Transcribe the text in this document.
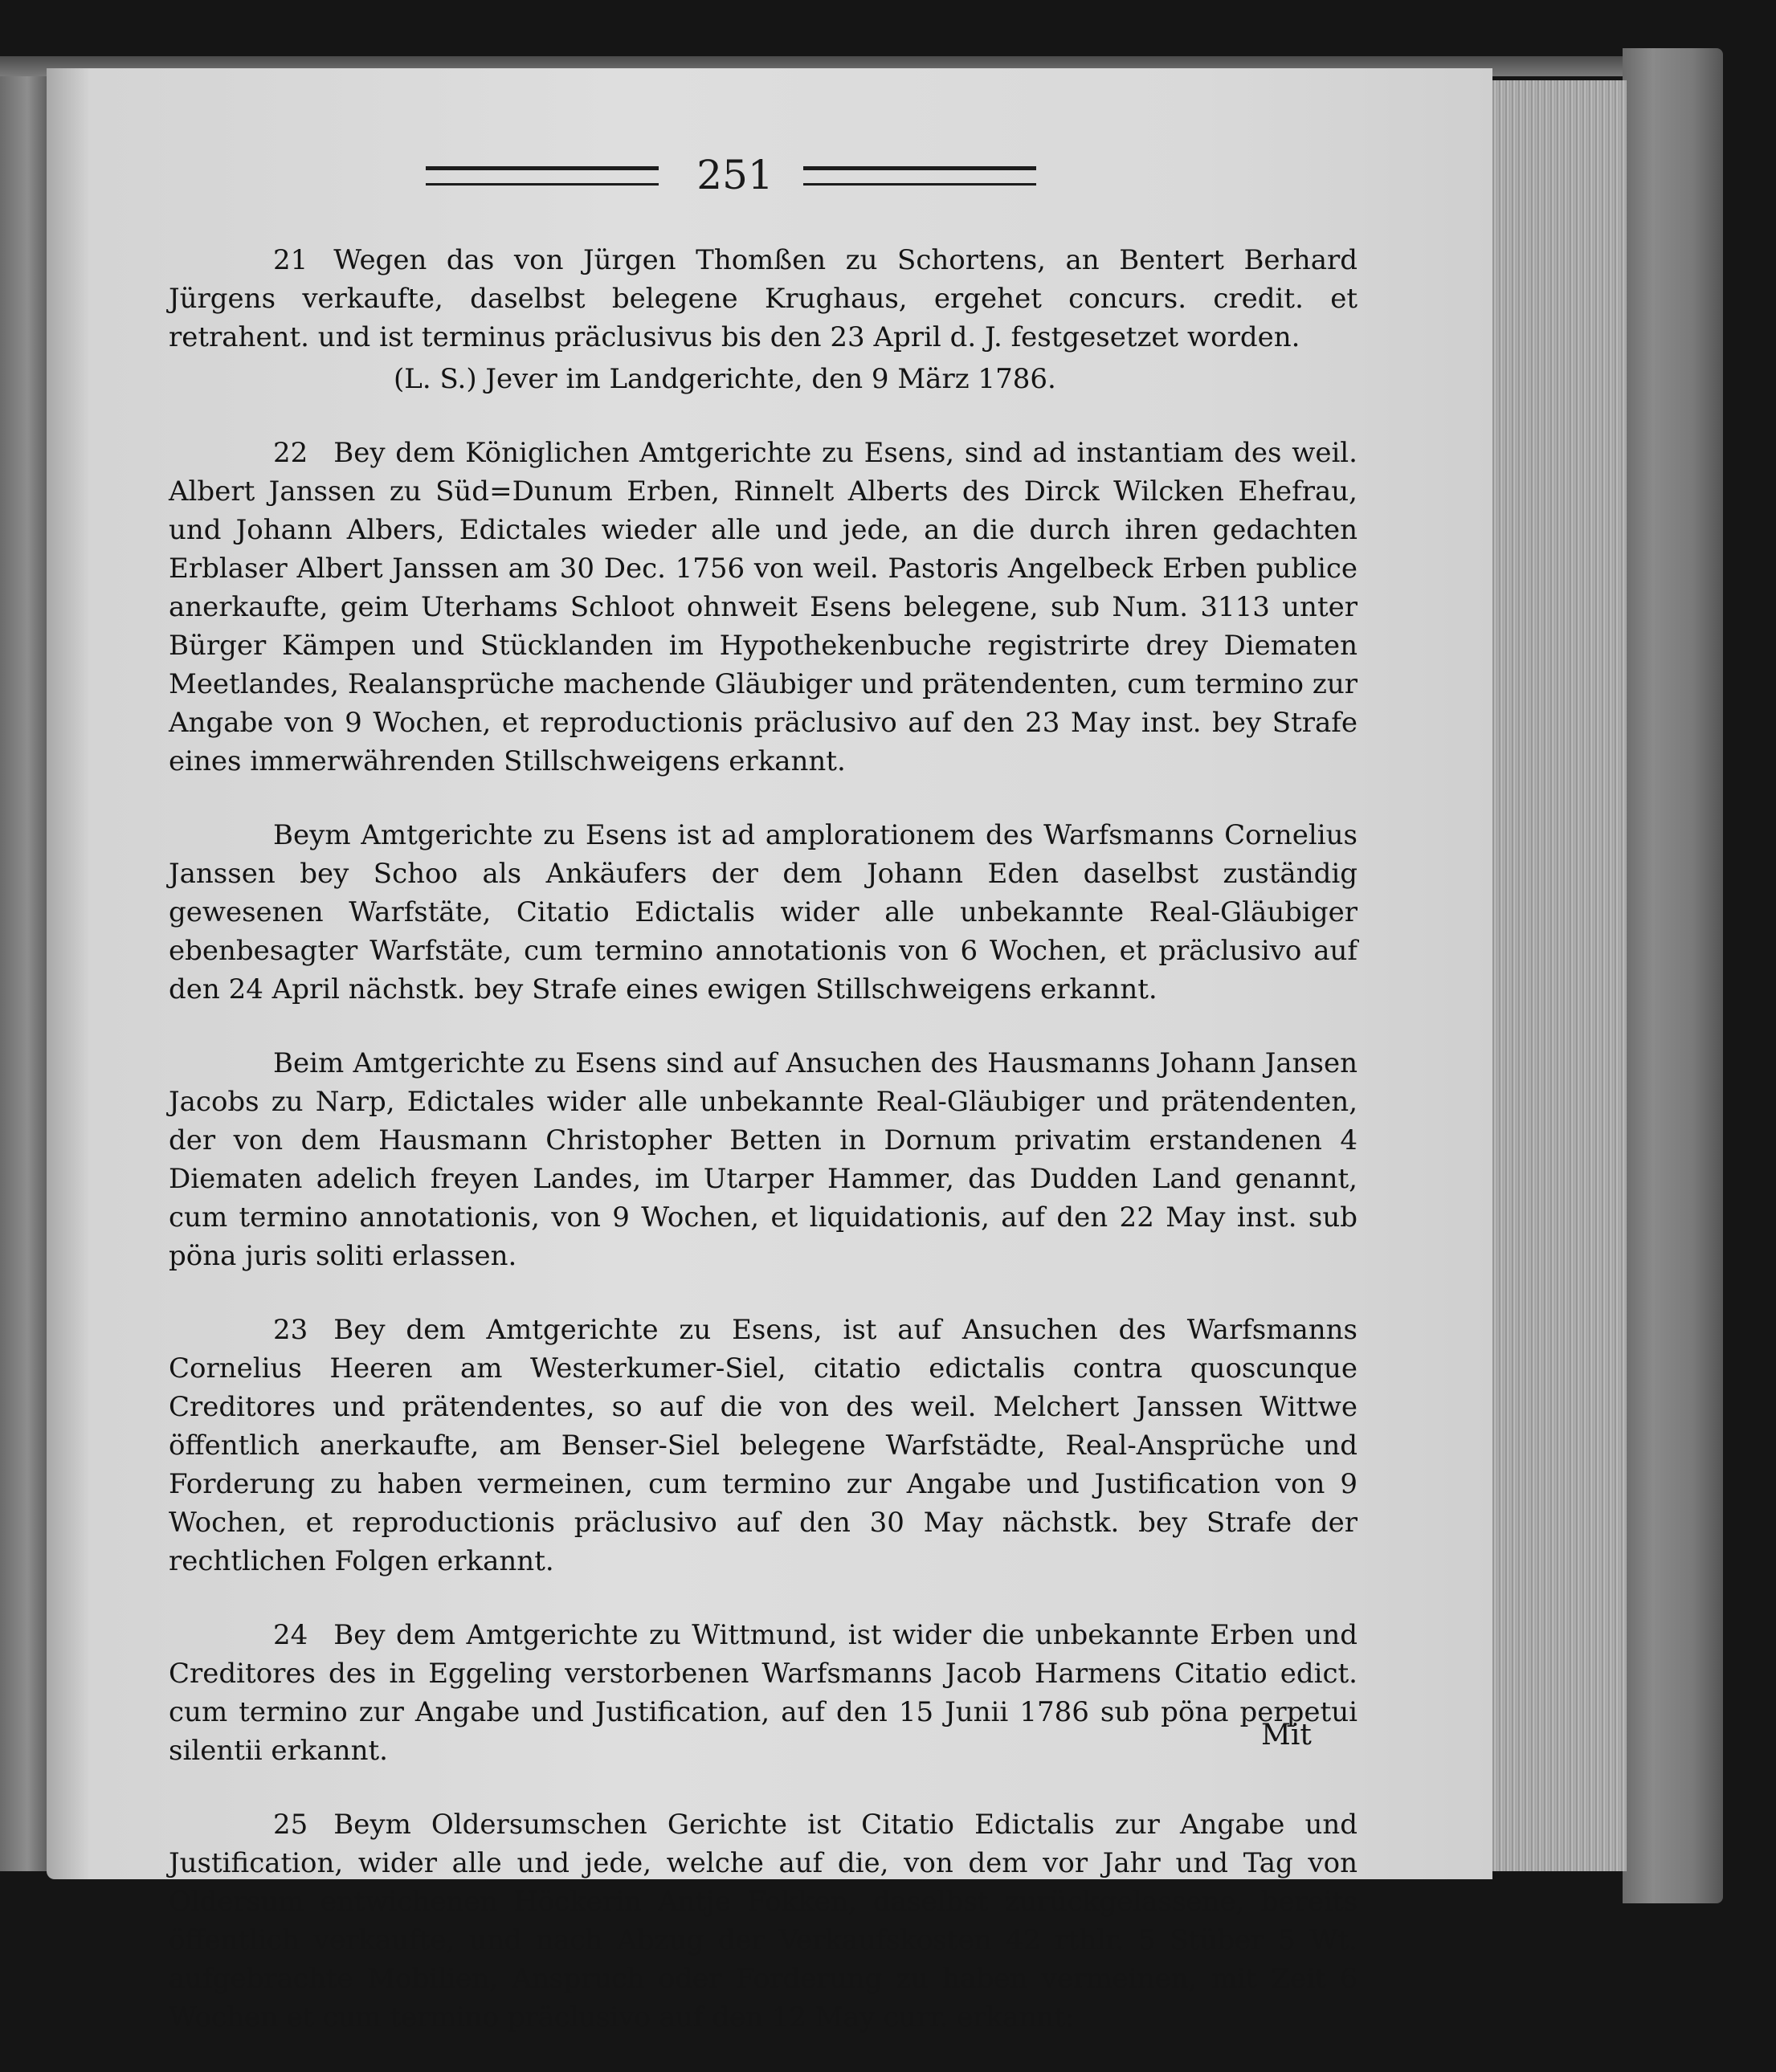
251

21 Wegen das von Jürgen Thomßen zu Schortens, an Bentert Berhard Jürgens verkaufte, daselbst belegene Krughaus, ergehet concurs. credit. et retrahent. und ist terminus präclusivus bis den 23 April d. J. festgesetzet worden.

(L. S.) Jever im Landgerichte, den 9 März 1786.

22 Bey dem Königlichen Amtgerichte zu Esens, sind ad instantiam des weil. Albert Janssen zu Süd=Dunum Erben, Rinnelt Alberts des Dirck Wilcken Ehefrau, und Johann Albers, Edictales wieder alle und jede, an die durch ihren gedachten Erblaser Albert Janssen am 30 Dec. 1756 von weil. Pastoris Angelbeck Erben publice anerkaufte, geim Uterhams Schloot ohnweit Esens belegene, sub Num. 3113 unter Bürger Kämpen und Stücklanden im Hypothekenbuche registrirte drey Diematen Meetlandes, Realansprüche machende Gläubiger und prätendenten, cum termino zur Angabe von 9 Wochen, et reproductionis präclusivo auf den 23 May inst. bey Strafe eines immerwährenden Stillschweigens erkannt.

Beym Amtgerichte zu Esens ist ad amplorationem des Warfsmanns Cornelius Janssen bey Schoo als Ankäufers der dem Johann Eden daselbst zuständig gewesenen Warfstäte, Citatio Edictalis wider alle unbekannte Real-Gläubiger ebenbesagter Warfstäte, cum termino annotationis von 6 Wochen, et präclusivo auf den 24 April nächstk. bey Strafe eines ewigen Stillschweigens erkannt.

Beim Amtgerichte zu Esens sind auf Ansuchen des Hausmanns Johann Jansen Jacobs zu Narp, Edictales wider alle unbekannte Real-Gläubiger und prätendenten, der von dem Hausmann Christopher Betten in Dornum privatim erstandenen 4 Diematen adelich freyen Landes, im Utarper Hammer, das Dudden Land genannt, cum termino annotationis, von 9 Wochen, et liquidationis, auf den 22 May inst. sub pöna juris soliti erlassen.

23 Bey dem Amtgerichte zu Esens, ist auf Ansuchen des Warfsmanns Cornelius Heeren am Westerkumer-Siel, citatio edictalis contra quoscunque Creditores und prätendentes, so auf die von des weil. Melchert Janssen Wittwe öffentlich anerkaufte, am Benser-Siel belegene Warfstädte, Real-Ansprüche und Forderung zu haben vermeinen, cum termino zur Angabe und Justification von 9 Wochen, et reproductionis präclusivo auf den 30 May nächstk. bey Strafe der rechtlichen Folgen erkannt.

24 Bey dem Amtgerichte zu Wittmund, ist wider die unbekannte Erben und Creditores des in Eggeling verstorbenen Warfsmanns Jacob Harmens Citatio edict. cum termino zur Angabe und Justification, auf den 15 Junii 1786 sub pöna perpetui silentii erkannt.

25 Beym Oldersumschen Gerichte ist Citatio Edictalis zur Angabe und Justification, wider alle und jede, welche auf die, von dem vor Jahr und Tag von Oldersum entwichenen Höckerin Antje Fokken, daselbst zurückgelassene, bereits öffentlich verkaufte, und nach Abzug der Verkaufskosten 42 rthlr. 5 Stüber 5 Wt. aufgebrachte Mobilien, Anspruch oder Forderung zu haben vermeinen, mit Zeit 6 Wochen et cum termino präclusivo auf den 12 May curr. erkannt:

Mit
